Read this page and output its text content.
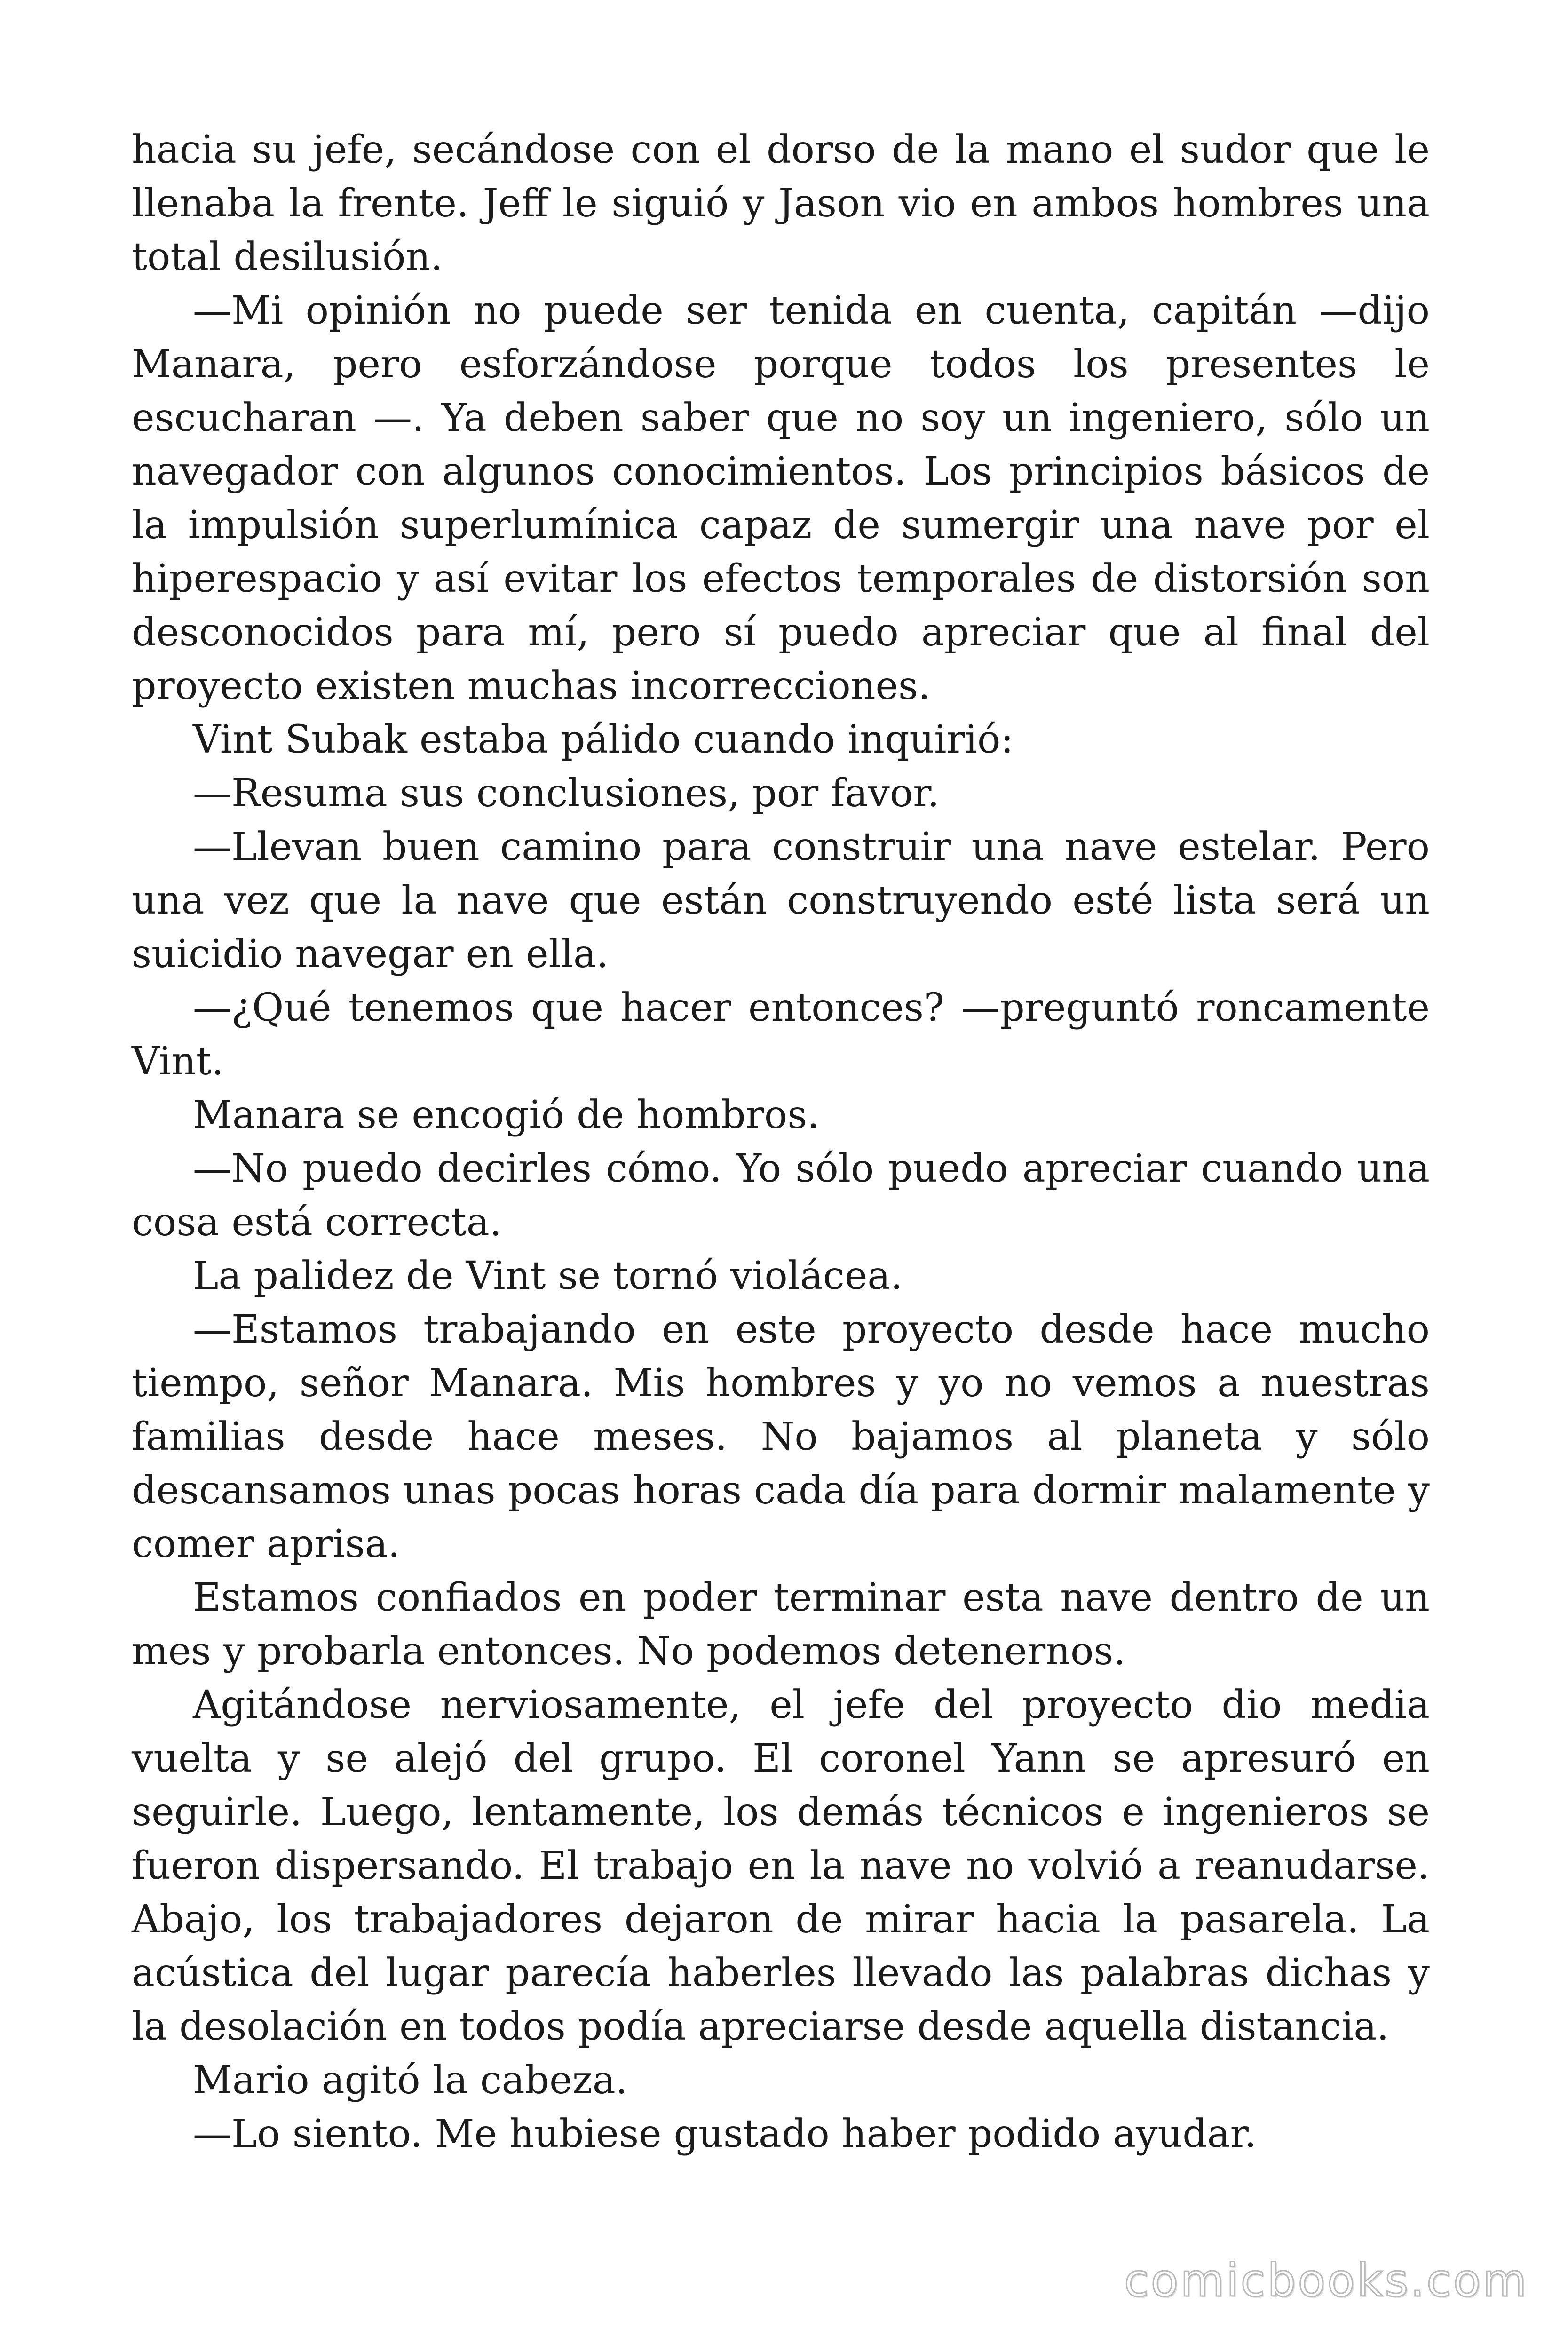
hacia su jefe, secándose con el dorso de la mano el sudor que le llenaba la frente. Jeff le siguió y Jason vio en ambos hombres una total desilusión.

—Mi opinión no puede ser tenida en cuenta, capitán —dijo Manara, pero esforzándose porque todos los presentes le escucharan —. Ya deben saber que no soy un ingeniero, sólo un navegador con algunos conocimientos. Los principios básicos de la impulsión superlumínica capaz de sumergir una nave por el hiperespacio y así evitar los efectos temporales de distorsión son desconocidos para mí, pero sí puedo apreciar que al final del proyecto existen muchas incorrecciones.

Vint Subak estaba pálido cuando inquirió:

—Resuma sus conclusiones, por favor.

—Llevan buen camino para construir una nave estelar. Pero una vez que la nave que están construyendo esté lista será un suicidio navegar en ella.

—¿Qué tenemos que hacer entonces? —preguntó roncamente Vint.

Manara se encogió de hombros.

—No puedo decirles cómo. Yo sólo puedo apreciar cuando una cosa está correcta.

La palidez de Vint se tornó violácea.

—Estamos trabajando en este proyecto desde hace mucho tiempo, señor Manara. Mis hombres y yo no vemos a nuestras familias desde hace meses. No bajamos al planeta y sólo descansamos unas pocas horas cada día para dormir malamente y comer aprisa.

Estamos confiados en poder terminar esta nave dentro de un mes y probarla entonces. No podemos detenernos.

Agitándose nerviosamente, el jefe del proyecto dio media vuelta y se alejó del grupo. El coronel Yann se apresuró en seguirle. Luego, lentamente, los demás técnicos e ingenieros se fueron dispersando. El trabajo en la nave no volvió a reanudarse. Abajo, los trabajadores dejaron de mirar hacia la pasarela. La acústica del lugar parecía haberles llevado las palabras dichas y la desolación en todos podía apreciarse desde aquella distancia.

Mario agitó la cabeza.

—Lo siento. Me hubiese gustado haber podido ayudar.

comicbooks.com
